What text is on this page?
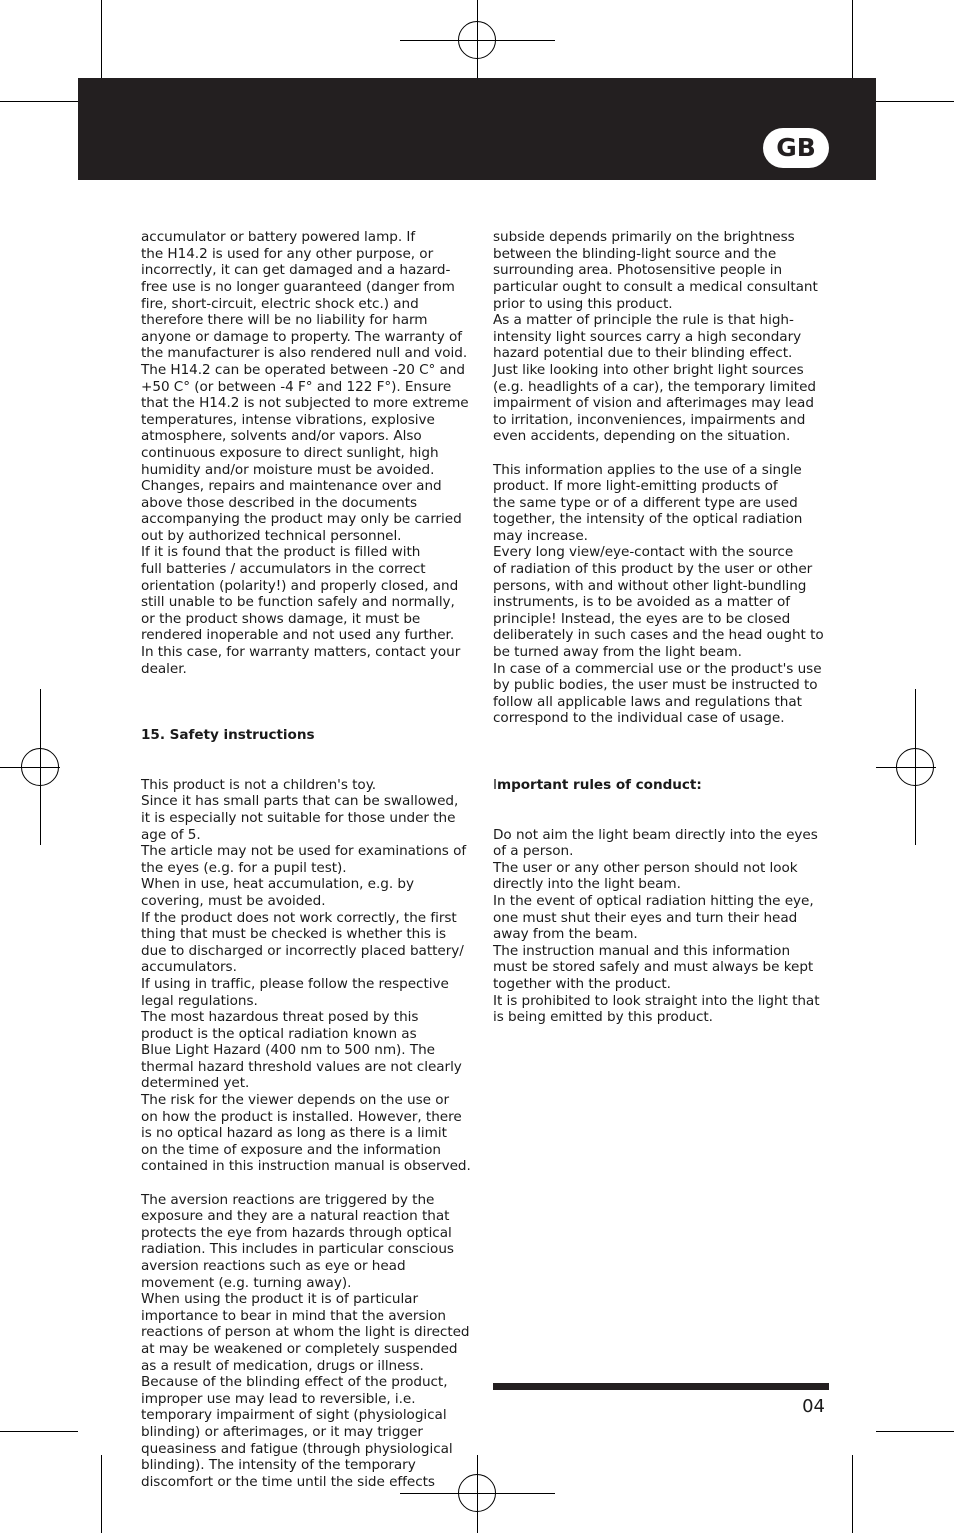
GB

accumulator or battery powered lamp. If
the H14.2 is used for any other purpose, or
incorrectly, it can get damaged and a hazard-
free use is no longer guaranteed (danger from
fire, short-circuit, electric shock etc.) and
therefore there will be no liability for harm
anyone or damage to property. The warranty of
the manufacturer is also rendered null and void.
The H14.2 can be operated between -20 C° and
+50 C° (or between -4 F° and 122 F°). Ensure
that the H14.2 is not subjected to more extreme
temperatures, intense vibrations, explosive
atmosphere, solvents and/or vapors. Also
continuous exposure to direct sunlight, high
humidity and/or moisture must be avoided.
Changes, repairs and maintenance over and
above those described in the documents
accompanying the product may only be carried
out by authorized technical personnel.
If it is found that the product is filled with
full batteries / accumulators in the correct
orientation (polarity!) and properly closed, and
still unable to be function safely and normally,
or the product shows damage, it must be
rendered inoperable and not used any further.
In this case, for warranty matters, contact your
dealer.

15. Safety instructions

This product is not a children's toy.
Since it has small parts that can be swallowed,
it is especially not suitable for those under the
age of 5.
The article may not be used for examinations of
the eyes (e.g. for a pupil test).
When in use, heat accumulation, e.g. by
covering, must be avoided.
If the product does not work correctly, the first
thing that must be checked is whether this is
due to discharged or incorrectly placed battery/
accumulators.
If using in traffic, please follow the respective
legal regulations.
The most hazardous threat posed by this
product is the optical radiation known as
Blue Light Hazard (400 nm to 500 nm). The
thermal hazard threshold values are not clearly
determined yet.
The risk for the viewer depends on the use or
on how the product is installed. However, there
is no optical hazard as long as there is a limit
on the time of exposure and the information
contained in this instruction manual is observed.

The aversion reactions are triggered by the
exposure and they are a natural reaction that
protects the eye from hazards through optical
radiation. This includes in particular conscious
aversion reactions such as eye or head
movement (e.g. turning away).
When using the product it is of particular
importance to bear in mind that the aversion
reactions of person at whom the light is directed
at may be weakened or completely suspended
as a result of medication, drugs or illness.
Because of the blinding effect of the product,
improper use may lead to reversible, i.e.
temporary impairment of sight (physiological
blinding) or afterimages, or it may trigger
queasiness and fatigue (through physiological
blinding). The intensity of the temporary
discomfort or the time until the side effects

subside depends primarily on the brightness
between the blinding-light source and the
surrounding area. Photosensitive people in
particular ought to consult a medical consultant
prior to using this product.
As a matter of principle the rule is that high-
intensity light sources carry a high secondary
hazard potential due to their blinding effect.
Just like looking into other bright light sources
(e.g. headlights of a car), the temporary limited
impairment of vision and afterimages may lead
to irritation, inconveniences, impairments and
even accidents, depending on the situation.

This information applies to the use of a single
product. If more light-emitting products of
the same type or of a different type are used
together, the intensity of the optical radiation
may increase.
Every long view/eye-contact with the source
of radiation of this product by the user or other
persons, with and without other light-bundling
instruments, is to be avoided as a matter of
principle! Instead, the eyes are to be closed
deliberately in such cases and the head ought to
be turned away from the light beam.
In case of a commercial use or the product's use
by public bodies, the user must be instructed to
follow all applicable laws and regulations that
correspond to the individual case of usage.

Important rules of conduct:

Do not aim the light beam directly into the eyes
of a person.
The user or any other person should not look
directly into the light beam.
In the event of optical radiation hitting the eye,
one must shut their eyes and turn their head
away from the beam.
The instruction manual and this information
must be stored safely and must always be kept
together with the product.
It is prohibited to look straight into the light that
is being emitted by this product.

04
